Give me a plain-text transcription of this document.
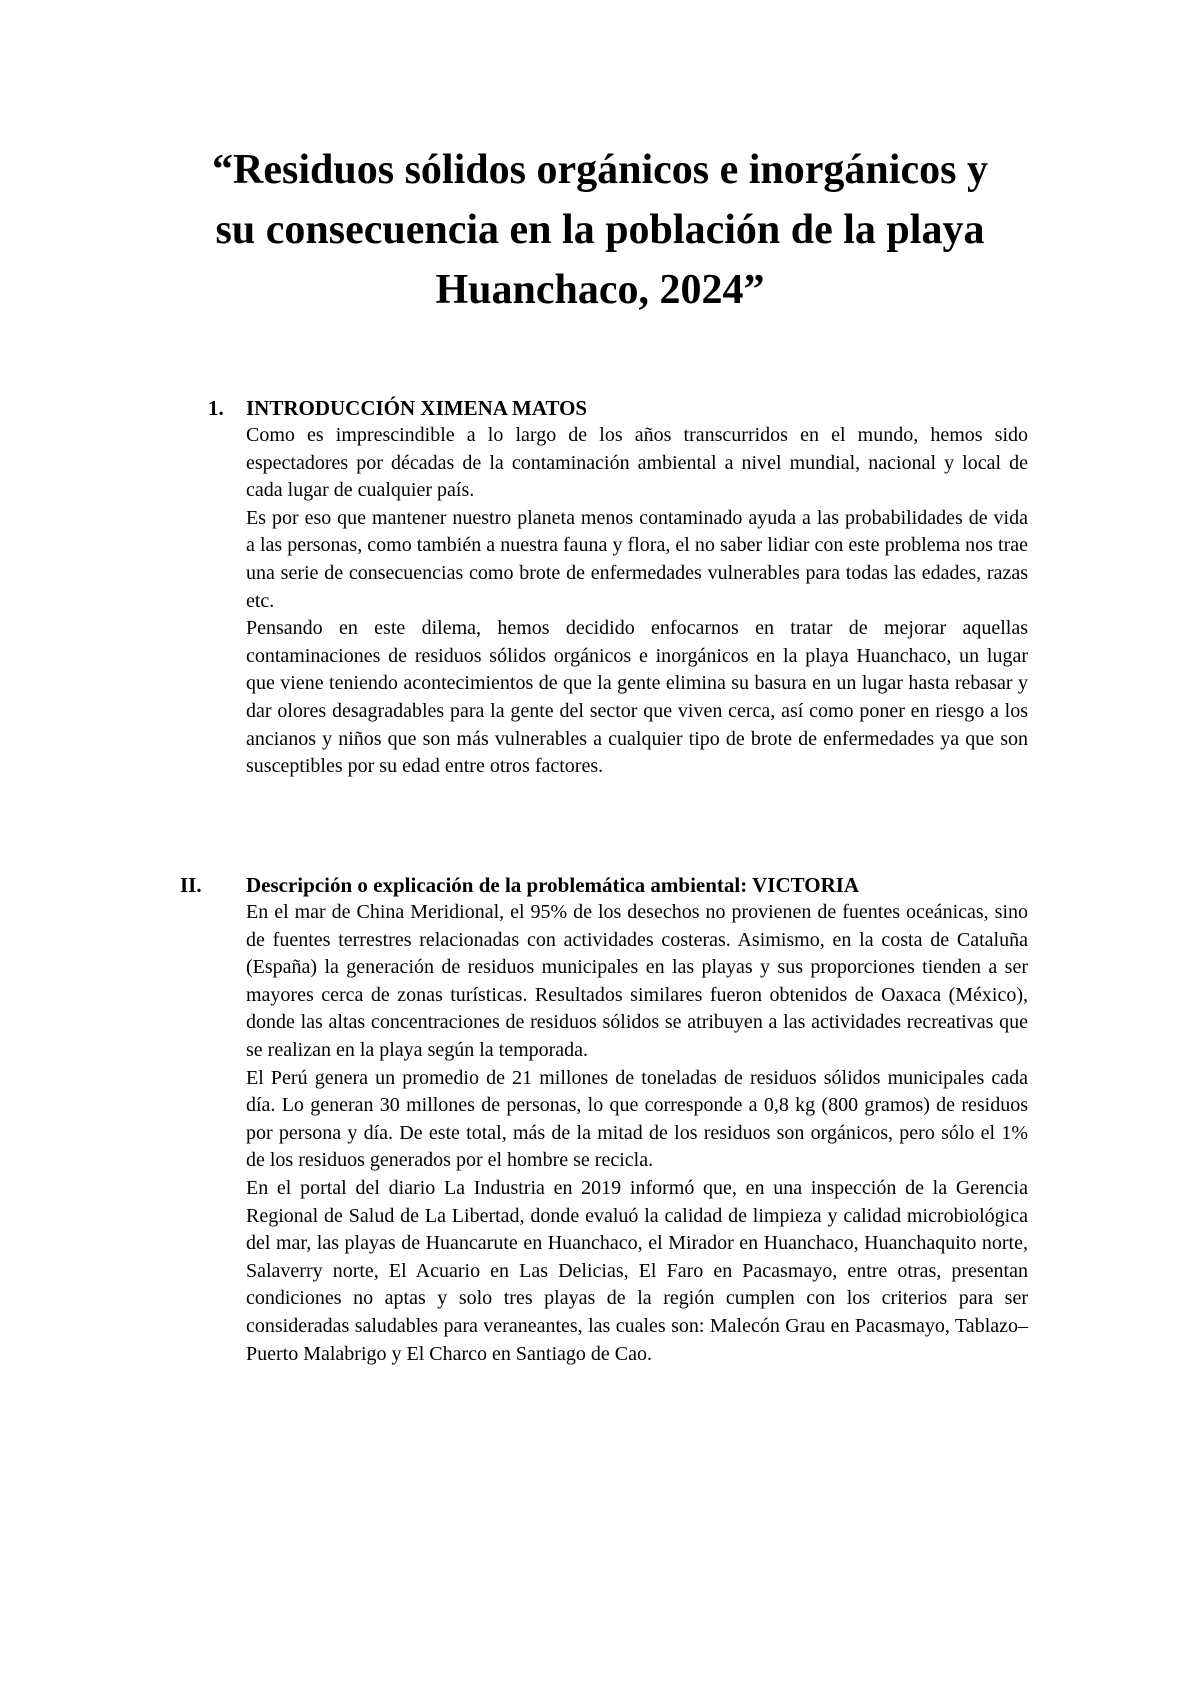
“Residuos sólidos orgánicos e inorgánicos y su consecuencia en la población de la playa Huanchaco, 2024”
1. INTRODUCCIÓN XIMENA MATOS

Como es imprescindible a lo largo de los años transcurridos en el mundo, hemos sido espectadores por décadas de la contaminación ambiental a nivel mundial, nacional y local de cada lugar de cualquier país.

Es por eso que mantener nuestro planeta menos contaminado ayuda a las probabilidades de vida a las personas, como también a nuestra fauna y flora, el no saber lidiar con este problema nos trae una serie de consecuencias como brote de enfermedades vulnerables para todas las edades, razas etc.

Pensando en este dilema, hemos decidido enfocarnos en tratar de mejorar aquellas contaminaciones de residuos sólidos orgánicos e inorgánicos en la playa Huanchaco, un lugar que viene teniendo acontecimientos de que la gente elimina su basura en un lugar hasta rebasar y dar olores desagradables para la gente del sector que viven cerca, así como poner en riesgo a los ancianos y niños que son más vulnerables a cualquier tipo de brote de enfermedades ya que son susceptibles por su edad entre otros factores.

II. Descripción o explicación de la problemática ambiental: VICTORIA

En el mar de China Meridional, el 95% de los desechos no provienen de fuentes oceánicas, sino de fuentes terrestres relacionadas con actividades costeras. Asimismo, en la costa de Cataluña (España) la generación de residuos municipales en las playas y sus proporciones tienden a ser mayores cerca de zonas turísticas. Resultados similares fueron obtenidos de Oaxaca (México), donde las altas concentraciones de residuos sólidos se atribuyen a las actividades recreativas que se realizan en la playa según la temporada.

El Perú genera un promedio de 21 millones de toneladas de residuos sólidos municipales cada día. Lo generan 30 millones de personas, lo que corresponde a 0,8 kg (800 gramos) de residuos por persona y día. De este total, más de la mitad de los residuos son orgánicos, pero sólo el 1% de los residuos generados por el hombre se recicla.

En el portal del diario La Industria en 2019 informó que, en una inspección de la Gerencia Regional de Salud de La Libertad, donde evaluó la calidad de limpieza y calidad microbiológica del mar, las playas de Huancarute en Huanchaco, el Mirador en Huanchaco, Huanchaquito norte, Salaverry norte, El Acuario en Las Delicias, El Faro en Pacasmayo, entre otras, presentan condiciones no aptas y solo tres playas de la región cumplen con los criterios para ser consideradas saludables para veraneantes, las cuales son: Malecón Grau en Pacasmayo, Tablazo–Puerto Malabrigo y El Charco en Santiago de Cao.
